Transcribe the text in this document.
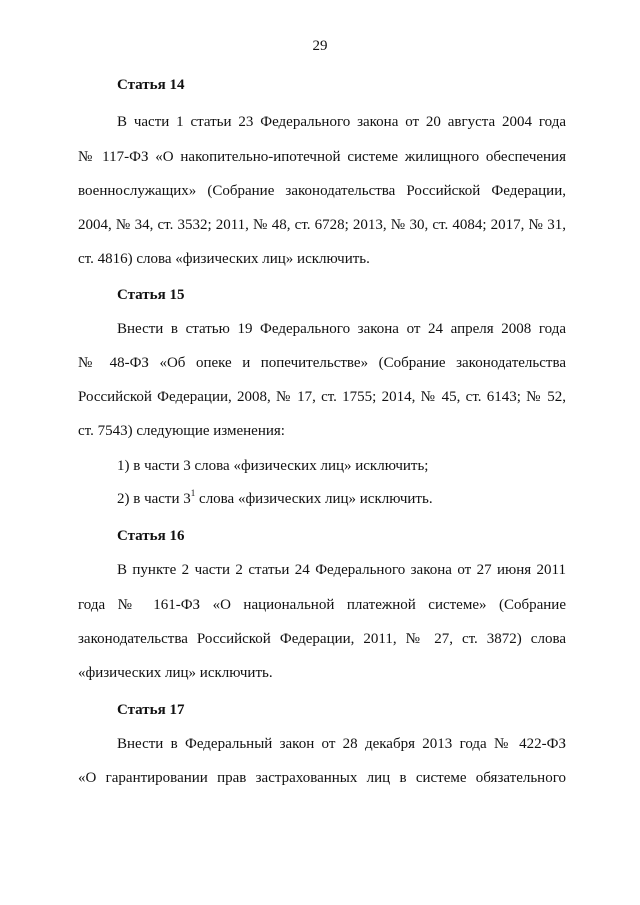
29
Статья 14
В части 1 статьи 23 Федерального закона от 20 августа 2004 года
№ 117-ФЗ «О накопительно-ипотечной системе жилищного обеспечения
военнослужащих» (Собрание законодательства Российской Федерации,
2004, № 34, ст. 3532; 2011, № 48, ст. 6728; 2013, № 30, ст. 4084; 2017, № 31,
ст. 4816) слова «физических лиц» исключить.
Статья 15
Внести в статью 19 Федерального закона от 24 апреля 2008 года
№ 48-ФЗ «Об опеке и попечительстве» (Собрание законодательства
Российской Федерации, 2008, № 17, ст. 1755; 2014, № 45, ст. 6143; № 52,
ст. 7543) следующие изменения:
1) в части 3 слова «физических лиц» исключить;
2) в части $3^1$ слова «физических лиц» исключить.
Статья 16
В пункте 2 части 2 статьи 24 Федерального закона от 27 июня 2011
года № 161-ФЗ «О национальной платежной системе» (Собрание
законодательства Российской Федерации, 2011, № 27, ст. 3872) слова
«физических лиц» исключить.
Статья 17
Внести в Федеральный закон от 28 декабря 2013 года № 422-ФЗ
«О гарантировании прав застрахованных лиц в системе обязательного
